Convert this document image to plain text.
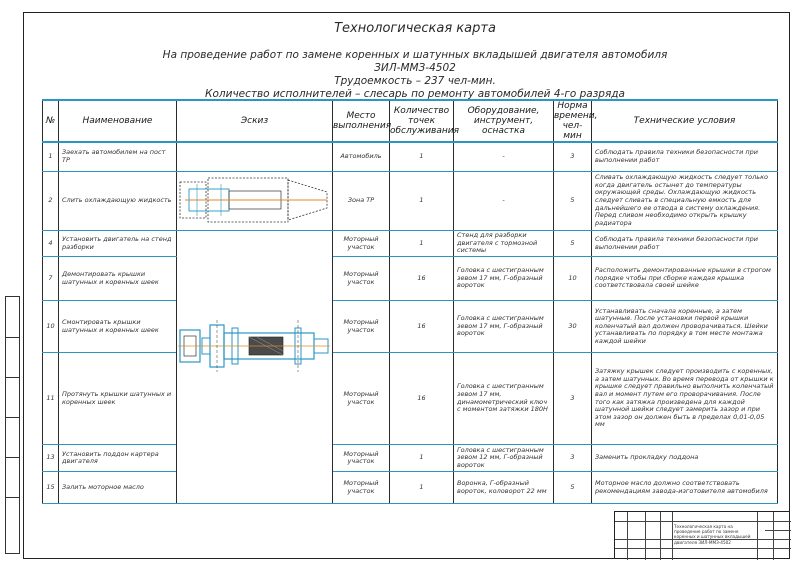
Технологическая карта
На проведение работ по замене коренных и шатунных вкладышей двигателя автомобиля ЗИЛ-ММЗ-4502
Трудоемкость – 237 чел-мин.
Количество исполнителей – слесарь по ремонту автомобилей 4-го разряда
№	Наименование	Эскиз	Место выполнения	Количество точек обслуживания	Оборудование, инструмент, оснастка	Норма времени, чел-мин	Технические условия
1	Заехать автомобилем на пост ТР		Автомобиль	1	-	3	Соблюдать правила техники безопасности при выполнении работ
2	Слить охлаждающую жидкость		Зона ТР	1	-	5	Сливать охлаждающую жидкость следует только когда двигатель остынет до температуры окружающей среды. Охлаждающую жидкость следует сливать в специальную емкость для дальнейшего ее отвода в систему охлаждения. Перед сливом необходимо открыть крышку радиатора
4	Установить двигатель на стенд разборки		Моторный участок	1	Стенд для разборки двигателя с тормозной системы	5	Соблюдать правила техники безопасности при выполнении работ
7	Демонтировать крышки шатунных и коренных шеек		Моторный участок	16	Головка с шестигранным зевом 17 мм, Г-образный вороток	10	Расположить демонтированные крышки в строгом порядке чтобы при сборке каждая крышка соответствовала своей шейке
10	Смонтировать крышки шатунных и коренных шеек		Моторный участок	16	Головка с шестигранным зевом 17 мм, Г-образный вороток	30	Устанавливать сначала коренные, а затем шатунные. После установки первой крышки коленчатый вал должен проворачиваться. Шейки устанавливать по порядку в том месте монтажа каждой шейки
11	Протянуть крышки шатунных и коренных шеек		Моторный участок	16	Головка с шестигранным зевом 17 мм, динамометрический ключ с моментом затяжки 180Н	3	Затяжку крышек следует производить с коренных, а затем шатунных. Во время перевода от крышки к крышке следует правильно выполнить коленчатый вал и момент путем его проворачивания. После того как затяжка произведена для каждой шатунной шейки следует замерить зазор и при этом зазор он должен быть в пределах 0,01-0,05 мм
13	Установить поддон картера двигателя		Моторный участок	1	Головка с шестигранным зевом 12 мм, Г-образный вороток	3	Заменить прокладку поддона
15	Залить моторное масло		Моторный участок	1	Воронка, Г-образный вороток, коловорот 22 мм	5	Моторное масло должно соответствовать рекомендациям завода-изготовителя автомобиля
Технологическая карта на проведение работ по замене коренных и шатунных вкладышей двигателя ЗИЛ-ММЗ-4502
